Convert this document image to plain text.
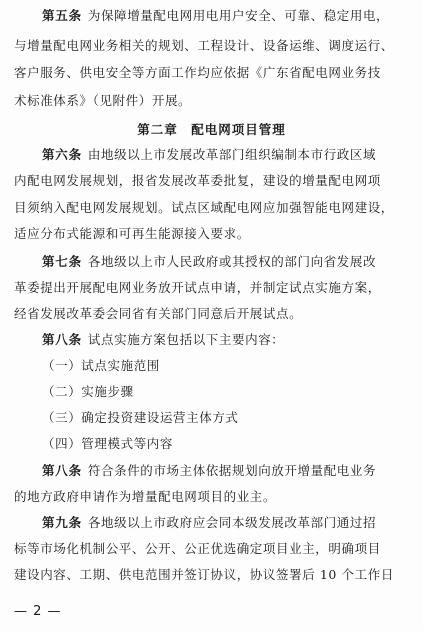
第五条 为保障增量配电网用电用户安全、可靠、稳定用电，
与增量配电网业务相关的规划、工程设计、设备运维、调度运行、
客户服务、供电安全等方面工作均应依据《广东省配电网业务技
术标准体系》（见附件）开展。
第二章　配电网项目管理
第六条 由地级以上市发展改革部门组织编制本市行政区域
内配电网发展规划，报省发展改革委批复，建设的增量配电网项
目须纳入配电网发展规划。试点区域配电网应加强智能电网建设，
适应分布式能源和可再生能源接入要求。
第七条 各地级以上市人民政府或其授权的部门向省发展改
革委提出开展配电网业务放开试点申请，并制定试点实施方案，
经省发展改革委会同省有关部门同意后开展试点。
第八条 试点实施方案包括以下主要内容：
（一）试点实施范围
（二）实施步骤
（三）确定投资建设运营主体方式
（四）管理模式等内容
第八条 符合条件的市场主体依据规划向放开增量配电业务
的地方政府申请作为增量配电网项目的业主。
第九条 各地级以上市政府应会同本级发展改革部门通过招
标等市场化机制公平、公开、公正优选确定项目业主，明确项目
建设内容、工期、供电范围并签订协议，协议签署后 10 个工作日
— 2 —
